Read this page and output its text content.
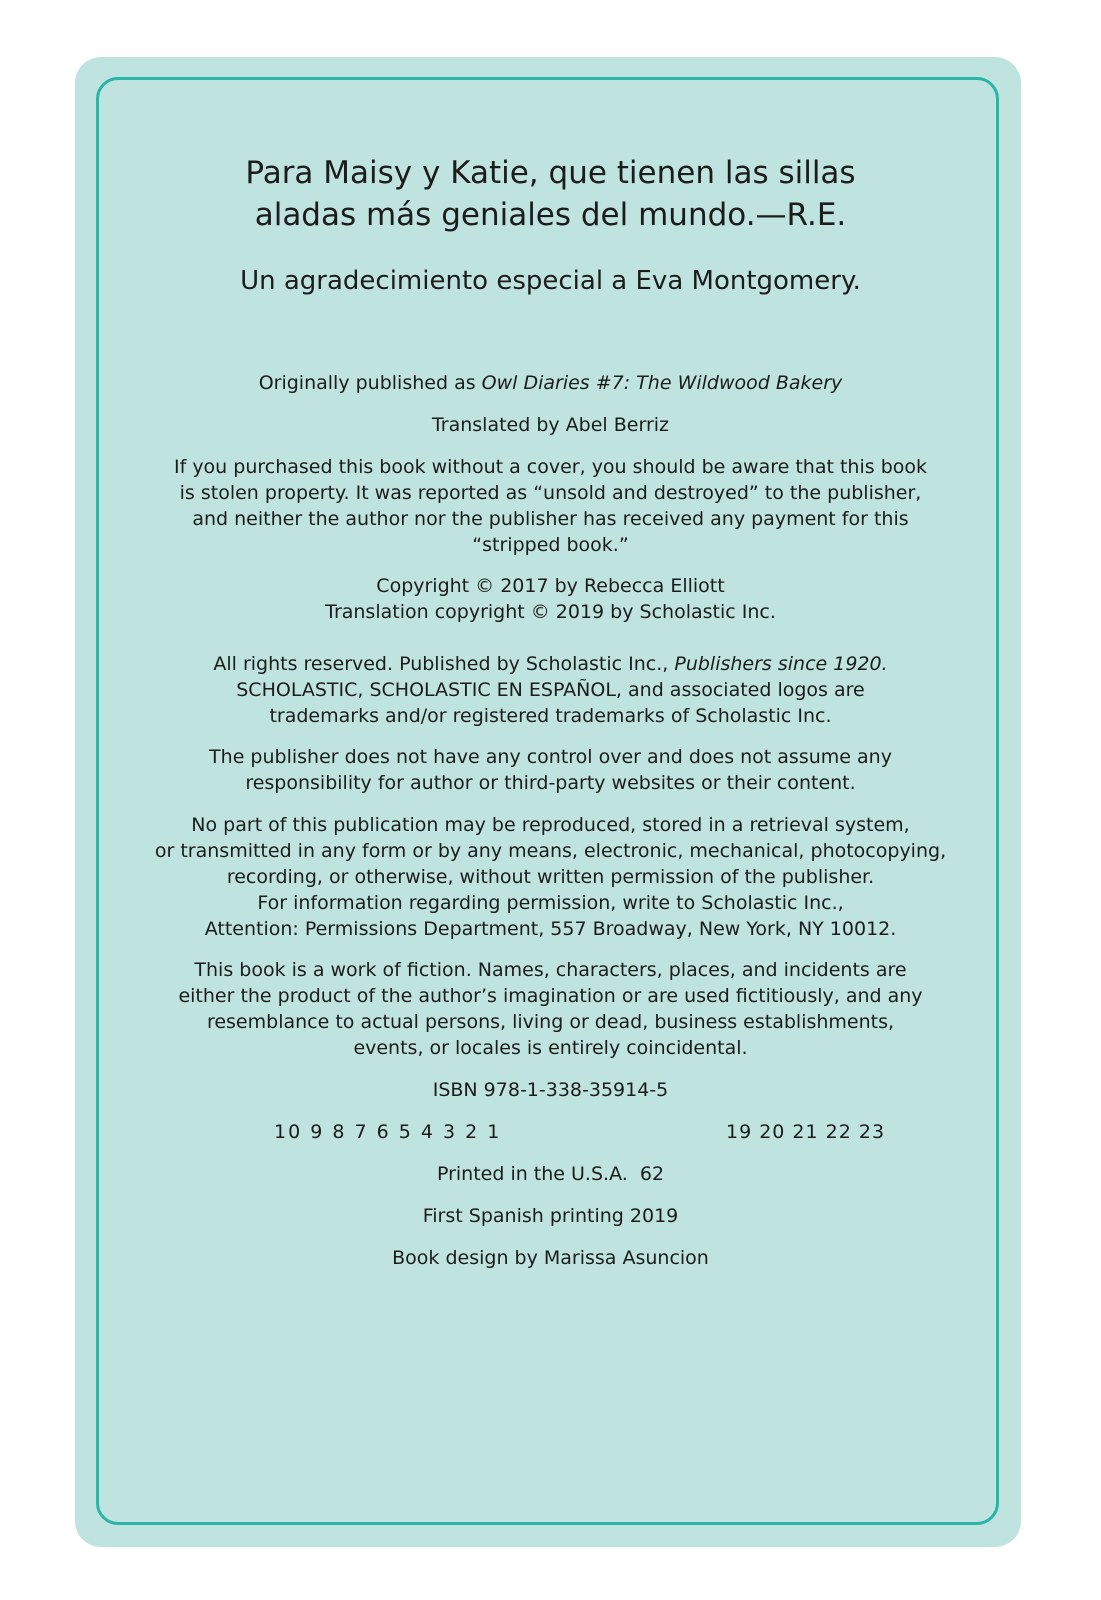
Para Maisy y Katie, que tienen las sillas
aladas más geniales del mundo.—R.E.

Un agradecimiento especial a Eva Montgomery.

Originally published as Owl Diaries #7: The Wildwood Bakery

Translated by Abel Berriz

If you purchased this book without a cover, you should be aware that this book
is stolen property. It was reported as “unsold and destroyed” to the publisher,
and neither the author nor the publisher has received any payment for this
“stripped book.”

Copyright © 2017 by Rebecca Elliott
Translation copyright © 2019 by Scholastic Inc.

All rights reserved. Published by Scholastic Inc., Publishers since 1920.
SCHOLASTIC, SCHOLASTIC EN ESPAÑOL, and associated logos are
trademarks and/or registered trademarks of Scholastic Inc.

The publisher does not have any control over and does not assume any
responsibility for author or third-party websites or their content.

No part of this publication may be reproduced, stored in a retrieval system,
or transmitted in any form or by any means, electronic, mechanical, photocopying,
recording, or otherwise, without written permission of the publisher.
For information regarding permission, write to Scholastic Inc.,
Attention: Permissions Department, 557 Broadway, New York, NY 10012.

This book is a work of fiction. Names, characters, places, and incidents are
either the product of the author’s imagination or are used fictitiously, and any
resemblance to actual persons, living or dead, business establishments,
events, or locales is entirely coincidental.

ISBN 978-1-338-35914-5

10 9 8 7 6 5 4 3 2 1	19 20 21 22 23

Printed in the U.S.A.  62

First Spanish printing 2019

Book design by Marissa Asuncion
